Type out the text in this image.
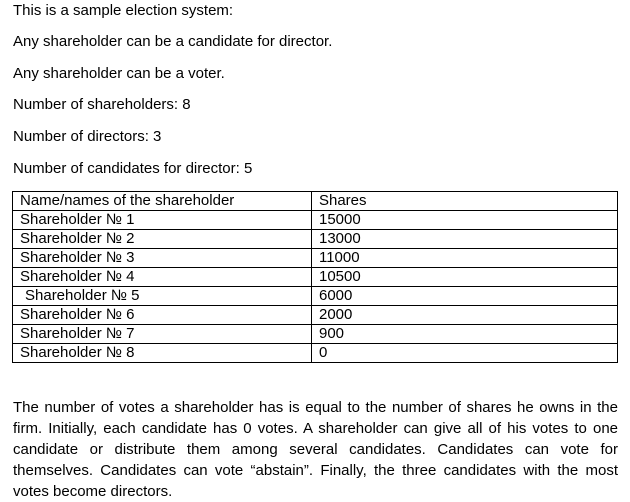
This is a sample election system:

Any shareholder can be a candidate for director.

Any shareholder can be a voter.

Number of shareholders: 8

Number of directors: 3

Number of candidates for director: 5

Name/names of the shareholder	Shares
Shareholder № 1	15000
Shareholder № 2	13000
Shareholder № 3	11000
Shareholder № 4	10500
Shareholder № 5	6000
Shareholder № 6	2000
Shareholder № 7	900
Shareholder № 8	0

The number of votes a shareholder has is equal to the number of shares he owns in the firm. Initially, each candidate has 0 votes. A shareholder can give all of his votes to one candidate or distribute them among several candidates. Candidates can vote for themselves. Candidates can vote “abstain”. Finally, the three candidates with the most votes become directors.
